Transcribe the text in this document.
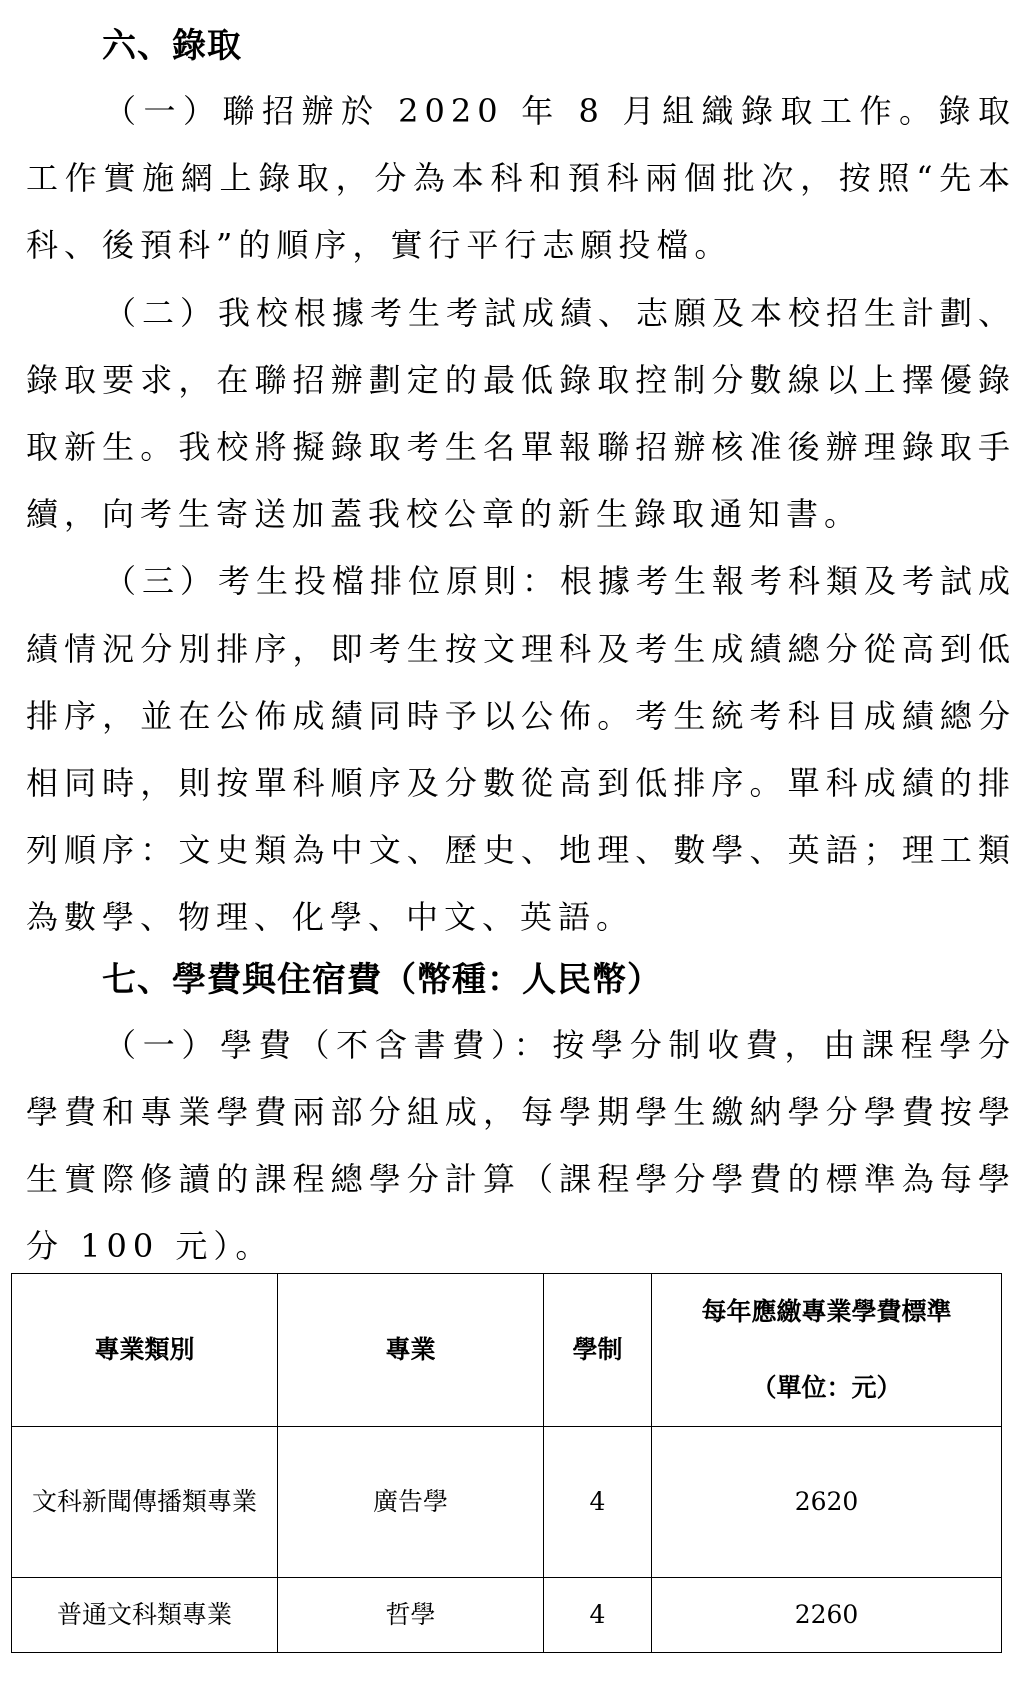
六、錄取

（一）聯招辦於 2020 年 8 月組織錄取工作。錄取工作實施網上錄取，分為本科和預科兩個批次，按照“先本科、後預科”的順序，實行平行志願投檔。

（二）我校根據考生考試成績、志願及本校招生計劃、錄取要求，在聯招辦劃定的最低錄取控制分數線以上擇優錄取新生。我校將擬錄取考生名單報聯招辦核准後辦理錄取手續，向考生寄送加蓋我校公章的新生錄取通知書。

（三）考生投檔排位原則：根據考生報考科類及考試成績情況分別排序，即考生按文理科及考生成績總分從高到低排序，並在公佈成績同時予以公佈。考生統考科目成績總分相同時，則按單科順序及分數從高到低排序。單科成績的排列順序：文史類為中文、歷史、地理、數學、英語；理工類為數學、物理、化學、中文、英語。

七、學費與住宿費（幣種：人民幣）

（一）學費（不含書費）：按學分制收費，由課程學分學費和專業學費兩部分組成，每學期學生繳納學分學費按學生實際修讀的課程總學分計算（課程學分學費的標準為每學分 100 元）。

專業類別	專業	學制	每年應繳專業學費標準
（單位：元）

文科新聞傳播類專業	廣告學	4	2620
普通文科類專業	哲學	4	2260
